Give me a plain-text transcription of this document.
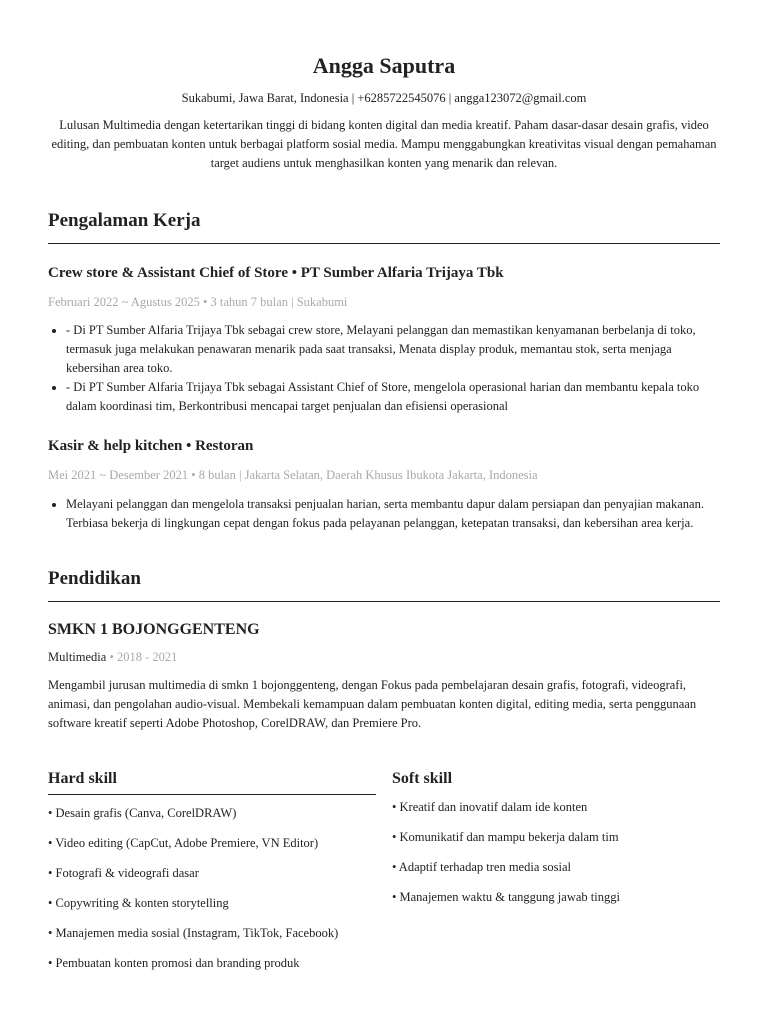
Angga Saputra
Sukabumi, Jawa Barat, Indonesia | +6285722545076 | angga123072@gmail.com

Lulusan Multimedia dengan ketertarikan tinggi di bidang konten digital dan media kreatif. Paham dasar-dasar desain grafis, video editing, dan pembuatan konten untuk berbagai platform sosial media. Mampu menggabungkan kreativitas visual dengan pemahaman target audiens untuk menghasilkan konten yang menarik dan relevan.

Pengalaman Kerja
Crew store & Assistant Chief of Store • PT Sumber Alfaria Trijaya Tbk
Februari 2022 ~ Agustus 2025 • 3 tahun 7 bulan | Sukabumi
• - Di PT Sumber Alfaria Trijaya Tbk sebagai crew store, Melayani pelanggan dan memastikan kenyamanan berbelanja di toko, termasuk juga melakukan penawaran menarik pada saat transaksi, Menata display produk, memantau stok, serta menjaga kebersihan area toko.
• - Di PT Sumber Alfaria Trijaya Tbk sebagai Assistant Chief of Store, mengelola operasional harian dan membantu kepala toko dalam koordinasi tim, Berkontribusi mencapai target penjualan dan efisiensi operasional
Kasir & help kitchen • Restoran
Mei 2021 ~ Desember 2021 • 8 bulan | Jakarta Selatan, Daerah Khusus Ibukota Jakarta, Indonesia
• Melayani pelanggan dan mengelola transaksi penjualan harian, serta membantu dapur dalam persiapan dan penyajian makanan. Terbiasa bekerja di lingkungan cepat dengan fokus pada pelayanan pelanggan, ketepatan transaksi, dan kebersihan area kerja.
Pendidikan
SMKN 1 BOJONGGENTENG
Multimedia • 2018 - 2021

Mengambil jurusan multimedia di smkn 1 bojonggenteng, dengan Fokus pada pembelajaran desain grafis, fotografi, videografi, animasi, dan pengolahan audio-visual. Membekali kemampuan dalam pembuatan konten digital, editing media, serta penggunaan software kreatif seperti Adobe Photoshop, CorelDRAW, dan Premiere Pro.

Hard skill
• Desain grafis (Canva, CorelDRAW)
• Video editing (CapCut, Adobe Premiere, VN Editor)
• Fotografi & videografi dasar
• Copywriting & konten storytelling
• Manajemen media sosial (Instagram, TikTok, Facebook)
• Pembuatan konten promosi dan branding produk
Soft skill
• Kreatif dan inovatif dalam ide konten
• Komunikatif dan mampu bekerja dalam tim
• Adaptif terhadap tren media sosial
• Manajemen waktu & tanggung jawab tinggi
